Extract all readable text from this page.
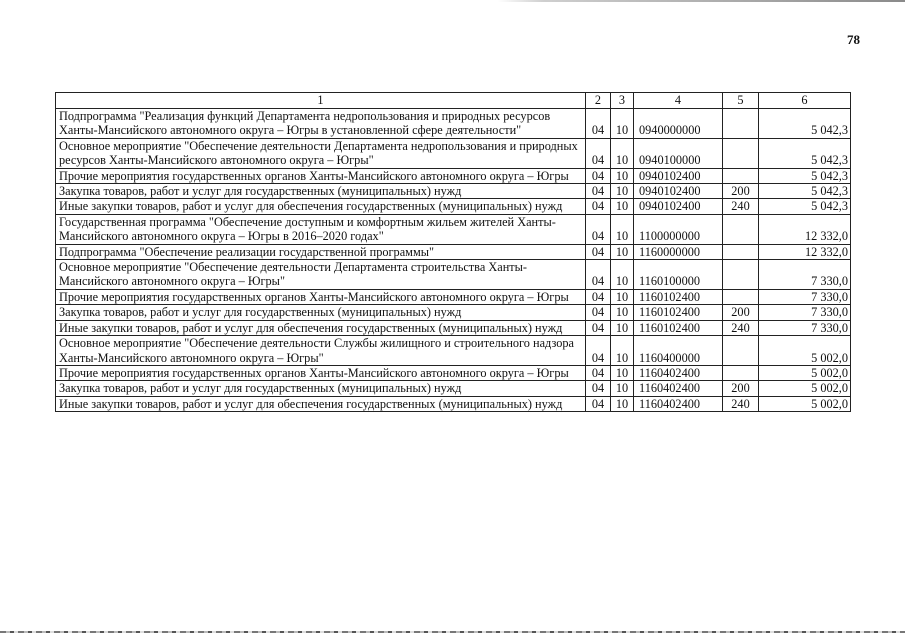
78
1	2	3	4	5	6
Подпрограмма "Реализация функций Департамента недропользования и природных ресурсов Ханты-Мансийского автономного округа – Югры в установленной сфере деятельности"	04	10	0940000000		5 042,3
Основное мероприятие "Обеспечение деятельности Департамента недропользования и природных ресурсов Ханты-Мансийского автономного округа – Югры"	04	10	0940100000		5 042,3
Прочие мероприятия государственных органов Ханты-Мансийского автономного округа – Югры	04	10	0940102400		5 042,3
Закупка товаров, работ и услуг для государственных (муниципальных) нужд	04	10	0940102400	200	5 042,3
Иные закупки товаров, работ и услуг для обеспечения государственных (муниципальных) нужд	04	10	0940102400	240	5 042,3
Государственная программа "Обеспечение доступным и комфортным жильем жителей Ханты-Мансийского автономного округа – Югры в 2016–2020 годах"	04	10	1100000000		12 332,0
Подпрограмма "Обеспечение реализации государственной программы"	04	10	1160000000		12 332,0
Основное мероприятие "Обеспечение деятельности Департамента строительства Ханты-Мансийского автономного округа – Югры"	04	10	1160100000		7 330,0
Прочие мероприятия государственных органов Ханты-Мансийского автономного округа – Югры	04	10	1160102400		7 330,0
Закупка товаров, работ и услуг для государственных (муниципальных) нужд	04	10	1160102400	200	7 330,0
Иные закупки товаров, работ и услуг для обеспечения государственных (муниципальных) нужд	04	10	1160102400	240	7 330,0
Основное мероприятие "Обеспечение деятельности Службы жилищного и строительного надзора Ханты-Мансийского автономного округа – Югры"	04	10	1160400000		5 002,0
Прочие мероприятия государственных органов Ханты-Мансийского автономного округа – Югры	04	10	1160402400		5 002,0
Закупка товаров, работ и услуг для государственных (муниципальных) нужд	04	10	1160402400	200	5 002,0
Иные закупки товаров, работ и услуг для обеспечения государственных (муниципальных) нужд	04	10	1160402400	240	5 002,0
